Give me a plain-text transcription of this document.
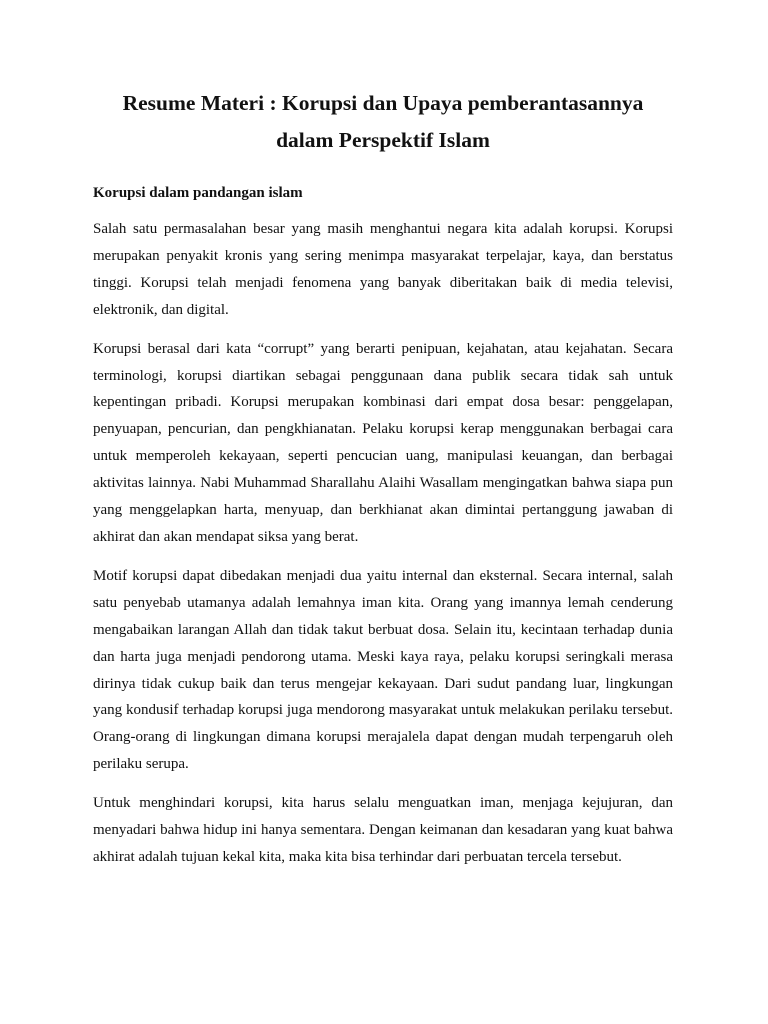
Resume Materi : Korupsi dan Upaya pemberantasannya
dalam Perspektif Islam
Korupsi dalam pandangan islam

Salah satu permasalahan besar yang masih menghantui negara kita adalah korupsi. Korupsi merupakan penyakit kronis yang sering menimpa masyarakat terpelajar, kaya, dan berstatus tinggi. Korupsi telah menjadi fenomena yang banyak diberitakan baik di media televisi, elektronik, dan digital.

Korupsi berasal dari kata “corrupt” yang berarti penipuan, kejahatan, atau kejahatan. Secara terminologi, korupsi diartikan sebagai penggunaan dana publik secara tidak sah untuk kepentingan pribadi. Korupsi merupakan kombinasi dari empat dosa besar: penggelapan, penyuapan, pencurian, dan pengkhianatan. Pelaku korupsi kerap menggunakan berbagai cara untuk memperoleh kekayaan, seperti pencucian uang, manipulasi keuangan, dan berbagai aktivitas lainnya. Nabi Muhammad Sharallahu Alaihi Wasallam mengingatkan bahwa siapa pun yang menggelapkan harta, menyuap, dan berkhianat akan dimintai pertanggung jawaban di akhirat dan akan mendapat siksa yang berat.

Motif korupsi dapat dibedakan menjadi dua yaitu internal dan eksternal. Secara internal, salah satu penyebab utamanya adalah lemahnya iman kita. Orang yang imannya lemah cenderung mengabaikan larangan Allah dan tidak takut berbuat dosa. Selain itu, kecintaan terhadap dunia dan harta juga menjadi pendorong utama. Meski kaya raya, pelaku korupsi seringkali merasa dirinya tidak cukup baik dan terus mengejar kekayaan. Dari sudut pandang luar, lingkungan yang kondusif terhadap korupsi juga mendorong masyarakat untuk melakukan perilaku tersebut. Orang-orang di lingkungan dimana korupsi merajalela dapat dengan mudah terpengaruh oleh perilaku serupa.

Untuk menghindari korupsi, kita harus selalu menguatkan iman, menjaga kejujuran, dan menyadari bahwa hidup ini hanya sementara. Dengan keimanan dan kesadaran yang kuat bahwa akhirat adalah tujuan kekal kita, maka kita bisa terhindar dari perbuatan tercela tersebut.
